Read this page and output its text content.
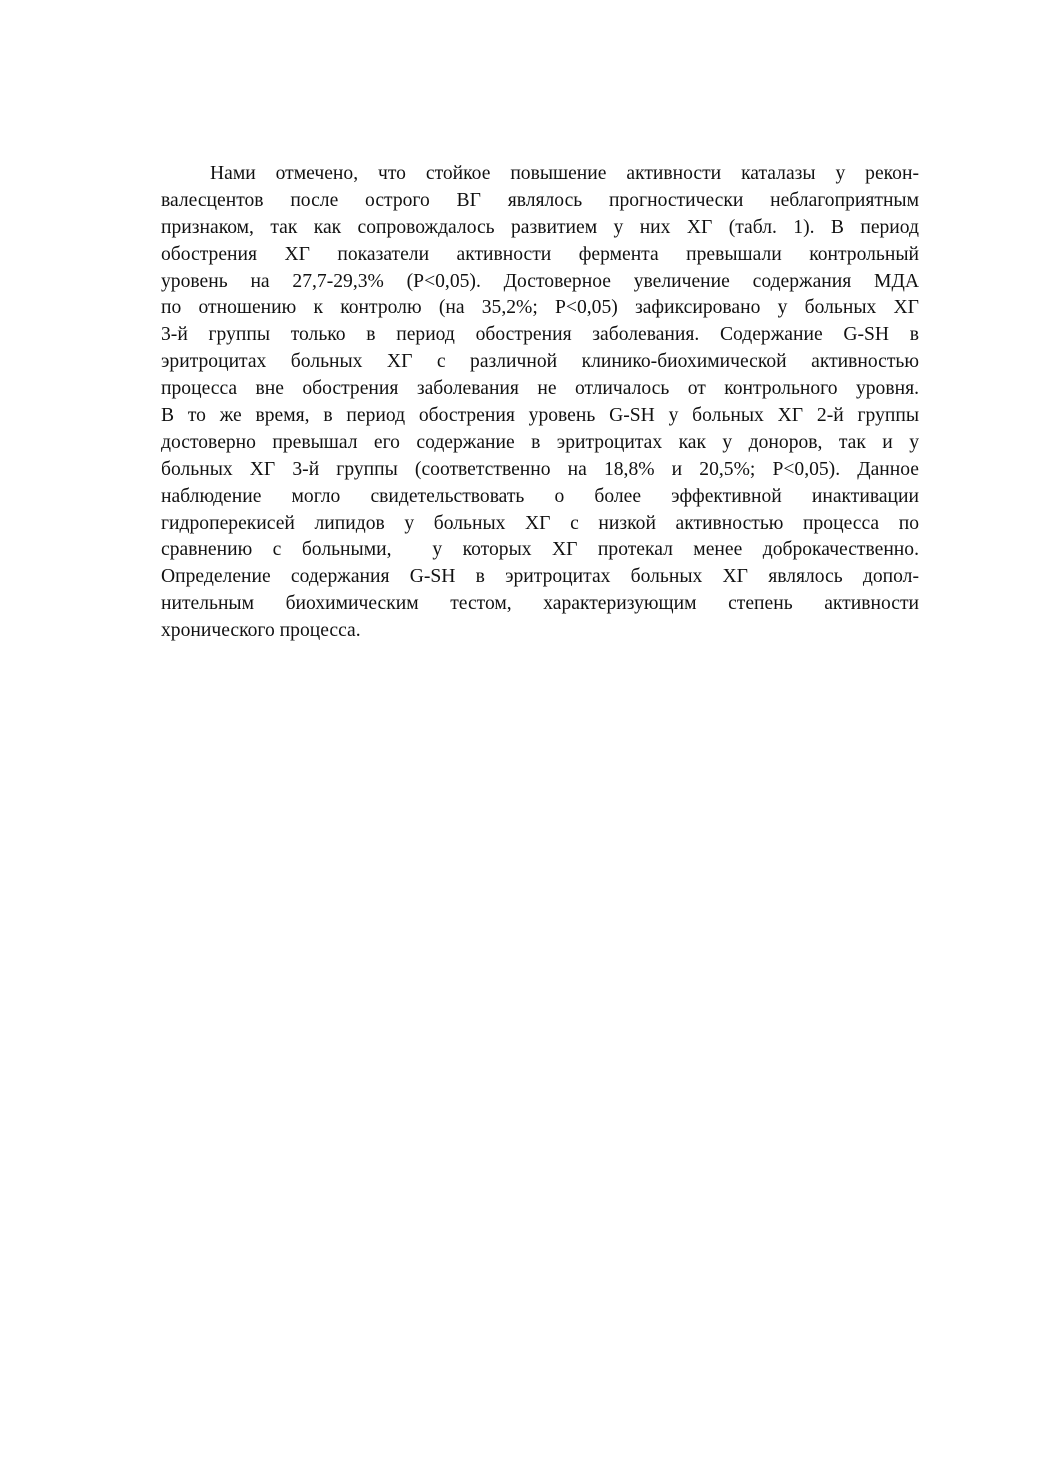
Нами отмечено, что стойкое повышение активности каталазы у рекон-
валесцентов после острого ВГ являлось прогностически неблагоприятным
признаком, так как сопровождалось развитием у них ХГ (табл. 1). В период
обострения ХГ показатели активности фермента превышали контрольный
уровень на 27,7-29,3% (P<0,05). Достоверное увеличение содержания МДА
по отношению к контролю (на 35,2%; P<0,05) зафиксировано у больных ХГ
3-й группы только в период обострения заболевания. Содержание G-SH в
эритроцитах больных ХГ с различной клинико-биохимической активностью
процесса вне обострения заболевания не отличалось от контрольного уровня.
В то же время, в период обострения уровень G-SH у больных ХГ 2-й группы
достоверно превышал его содержание в эритроцитах как у доноров, так и у
больных ХГ 3-й группы (соответственно на 18,8% и 20,5%; P<0,05). Данное
наблюдение могло свидетельствовать о более эффективной инактивации
гидроперекисей липидов у больных ХГ с низкой активностью процесса по
сравнению с больными,  у которых ХГ протекал менее доброкачественно.
Определение содержания G-SH в эритроцитах больных ХГ являлось допол-
нительным биохимическим тестом, характеризующим степень активности
хронического процесса.
